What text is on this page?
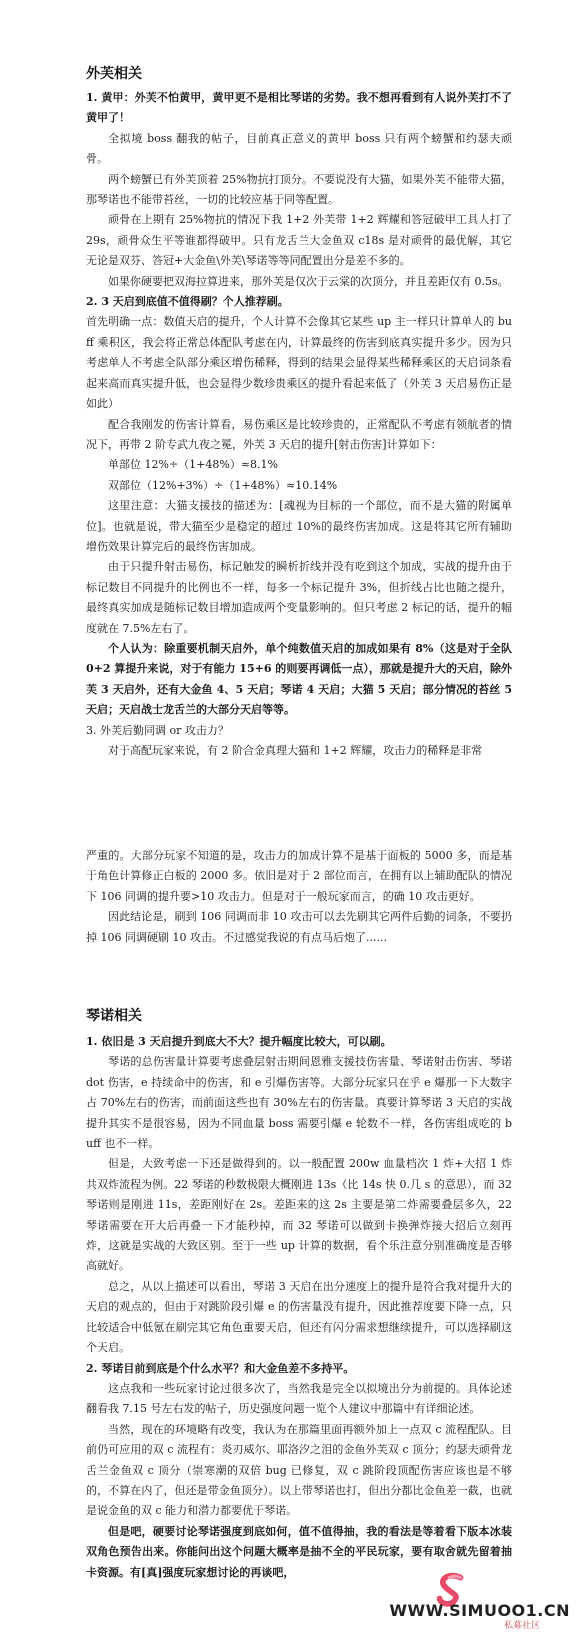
外芙相关

1. 黄甲：外芙不怕黄甲，黄甲更不是相比琴诺的劣势。我不想再看到有人说外芙打不了黄甲了！

全拟境 boss 翻我的帖子，目前真正意义的黄甲 boss 只有两个螃蟹和约瑟夫顽骨。

两个螃蟹已有外芙顶着 25%物抗打顶分。不要说没有大猫，如果外芙不能带大猫，那琴诺也不能带苔丝，一切的比较应基于同等配置。

顽骨在上期有 25%物抗的情况下我 1+2 外芙带 1+2 辉耀和答冠破甲工具人打了 29s，顽骨众生平等谁都得破甲。只有龙舌兰大金鱼双 c18s 是对顽骨的最优解，其它无论是双芬、答冠+大金鱼\外芙\琴诺等等同配置出分是差不多的。

如果你硬要把双海拉算进来，那外芙是仅次于云棠的次顶分，并且差距仅有 0.5s。

2. 3 天启到底值不值得刷？个人推荐刷。

首先明确一点：数值天启的提升，个人计算不会像其它某些 up 主一样只计算单人的 buff 乘积区，我会将正常总体配队考虑在内，计算最终的伤害到底真实提升多少。因为只考虑单人不考虑全队部分乘区增伤稀释，得到的结果会显得某些稀释乘区的天启词条看起来高而真实提升低，也会显得少数珍贵乘区的提升看起来低了（外芙 3 天启易伤正是如此）

配合我刚发的伤害计算看，易伤乘区是比较珍贵的，正常配队不考虑有领航者的情况下，再带 2 阶专武九夜之冕，外芙 3 天启的提升[射击伤害]计算如下：

单部位 12%÷（1+48%）≈8.1%

双部位（12%+3%）÷（1+48%）≈10.14%

这里注意：大猫支援技的描述为：[魂视为目标的一个部位，而不是大猫的附属单位]。也就是说，带大猫至少是稳定的超过 10%的最终伤害加成。这是将其它所有辅助增伤效果计算完后的最终伤害加成。

由于只提升射击易伤，标记触发的瞬析折线并没有吃到这个加成，实战的提升由于标记数目不同提升的比例也不一样，每多一个标记提升 3%，但折线占比也随之提升，最终真实加成是随标记数目增加造成两个变量影响的。但只考虑 2 标记的话，提升的幅度就在 7.5%左右了。

个人认为：除重要机制天启外，单个纯数值天启的加成如果有 8%（这是对于全队 0+2 算提升来说，对于有能力 15+6 的则要再调低一点），那就是提升大的天启，除外芙 3 天启外，还有大金鱼 4、5 天启；琴诺 4 天启；大猫 5 天启；部分情况的苔丝 5 天启；天启战士龙舌兰的大部分天启等等。

3. 外芙后勤同调 or 攻击力？

对于高配玩家来说，有 2 阶合金真理大猫和 1+2 辉耀，攻击力的稀释是非常

严重的。大部分玩家不知道的是，攻击力的加成计算不是基于面板的 5000 多，而是基于角色计算修正白板的 2000 多。依旧是对于 2 部位而言，在拥有以上辅助配队的情况下 106 同调的提升要>10 攻击力。但是对于一般玩家而言，的确 10 攻击更好。

因此结论是，刷到 106 同调而非 10 攻击可以去先刷其它两件后勤的词条，不要扔掉 106 同调硬刷 10 攻击。不过感觉我说的有点马后炮了......

琴诺相关

1. 依旧是 3 天启提升到底大不大？提升幅度比较大，可以刷。

琴诺的总伤害量计算要考虑叠层射击期间恩雅支援技伤害量、琴诺射击伤害、琴诺 dot 伤害，e 持续命中的伤害，和 e 引爆伤害等。大部分玩家只在乎 e 爆那一下大数字占 70%左右的伤害，而前面这些也有 30%左右的伤害量。真要计算琴诺 3 天启的实战提升其实不是很容易，因为不同血量 boss 需要引爆 e 轮数不一样，各伤害组成吃的 buff 也不一样。

但是，大致考虑一下还是做得到的。以一般配置 200w 血量档次 1 炸+大招 1 炸共双炸流程为例。22 琴诺的秒数极限大概刚进 13s（比 14s 快 0.几 s 的意思），而 32 琴诺则是刚进 11s，差距刚好在 2s。差距来的这 2s 主要是第二炸需要叠层多久，22 琴诺需要在开大后再叠一下才能秒掉，而 32 琴诺可以做到卡换弹炸接大招后立刻再炸，这就是实战的大致区别。至于一些 up 计算的数据，看个乐注意分别准确度是否够高就好。

总之，从以上描述可以看出，琴诺 3 天启在出分速度上的提升是符合我对提升大的天启的观点的，但由于对跳阶段引爆 e 的伤害量没有提升，因此推荐度要下降一点，只比较适合中低氪在刷完其它角色重要天启，但还有闪分需求想继续提升，可以选择刷这个天启。

2. 琴诺目前到底是个什么水平？和大金鱼差不多持平。

这点我和一些玩家讨论过很多次了，当然我是完全以拟境出分为前提的。具体论述翻看我 7.15 号左右发的帖子，历史强度问题一览个人建议中那篇中有详细论述。

当然，现在的环境略有改变，我认为在那篇里面再额外加上一点双 c 流程配队。目前仍可应用的双 c 流程有：炎刃威尔、耶洛汐之泪的金鱼外芙双 c 顶分；约瑟夫顽骨龙舌兰金鱼双 c 顶分（崇寒潮的双倍 bug 已修复，双 c 跳阶段顶配伤害应该也是不够的，不算在内了，但还是带金鱼顶分）。以上带琴诺也打，但出分都比金鱼差一截，也就是说金鱼的双 c 能力和潜力都要优于琴诺。

但是吧，硬要讨论琴诺强度到底如何，值不值得抽，我的看法是等着看下版本冰装双角色预告出来。你能问出这个问题大概率是抽不全的平民玩家，要有取舍就先留着抽卡资源。有[真]强度玩家想讨论的再谈吧，

WWW.SIMUOO1.CN
私募社区
